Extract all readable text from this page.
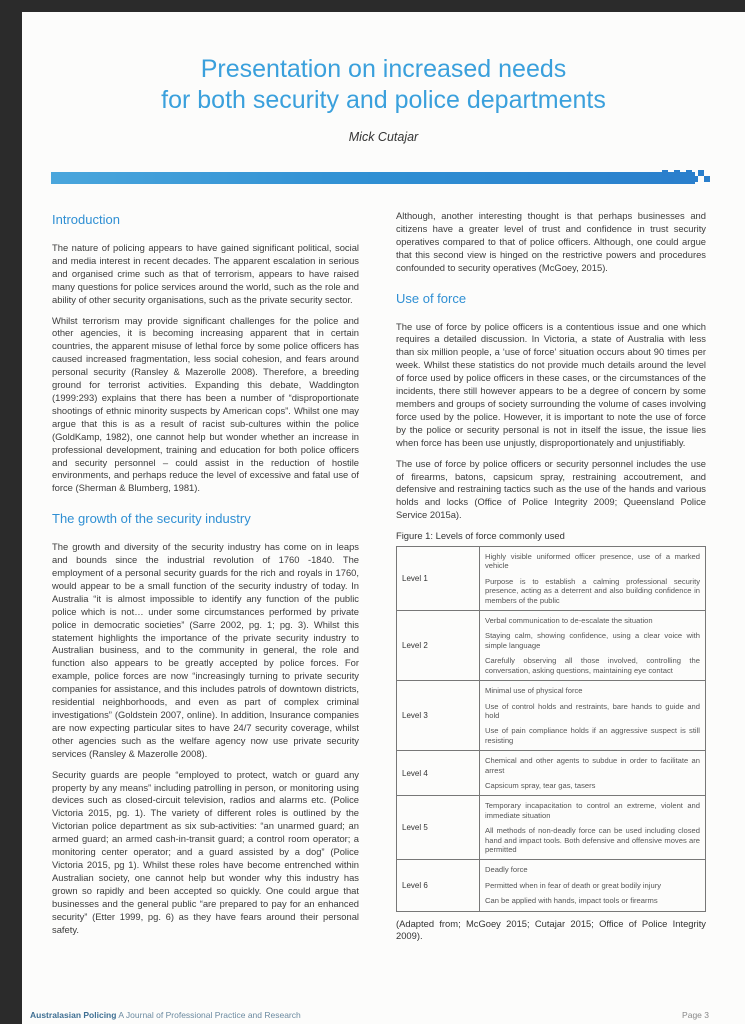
Presentation on increased needs
for both security and police departments
Mick Cutajar
Introduction

The nature of policing appears to have gained significant political, social and media interest in recent decades. The apparent escalation in serious and organised crime such as that of terrorism, appears to have raised many questions for police services around the world, such as the role and ability of other security organisations, such as the private security sector.

Whilst terrorism may provide significant challenges for the police and other agencies, it is becoming increasing apparent that in certain countries, the apparent misuse of lethal force by some police officers has caused increased fragmentation, less social cohesion, and fears around personal security (Ransley & Mazerolle 2008). Therefore, a breeding ground for terrorist activities. Expanding this debate, Waddington (1999:293) explains that there has been a number of “disproportionate shootings of ethnic minority suspects by American cops”. Whilst one may argue that this is as a result of racist sub-cultures within the police (GoldKamp, 1982), one cannot help but wonder whether an increase in professional development, training and education for both police officers and security personnel – could assist in the reduction of hostile environments, and perhaps reduce the level of excessive and fatal use of force (Sherman & Blumberg, 1981).

The growth of the security industry

The growth and diversity of the security industry has come on in leaps and bounds since the industrial revolution of 1760 -1840. The employment of a personal security guards for the rich and royals in 1760, would appear to be a small function of the security industry of today. In Australia “it is almost impossible to identify any function of the public police which is not… under some circumstances performed by private police in democratic societies” (Sarre 2002, pg. 1; pg. 3). Whilst this statement highlights the importance of the private security industry to Australian business, and to the community in general, the role and function also appears to be greatly accepted by police forces. For example, police forces are now “increasingly turning to private security companies for assistance, and this includes patrols of downtown districts, residential neighborhoods, and even as part of complex criminal investigations” (Goldstein 2007, online). In addition, Insurance companies are now expecting particular sites to have 24/7 security coverage, whilst other agencies such as the welfare agency now use private security services (Ransley & Mazerolle 2008).

Security guards are people “employed to protect, watch or guard any property by any means” including patrolling in person, or monitoring using devices such as closed-circuit television, radios and alarms etc. (Police Victoria 2015, pg. 1). The variety of different roles is outlined by the Victorian police department as six sub-activities: “an unarmed guard; an armed guard; an armed cash-in-transit guard; a control room operator; a monitoring center operator; and a guard assisted by a dog” (Police Victoria 2015, pg 1). Whilst these roles have become entrenched within Australian society, one cannot help but wonder why this industry has grown so rapidly and been accepted so quickly. One could argue that businesses and the general public “are prepared to pay for an enhanced security” (Etter 1999, pg. 6) as they have fears around their personal safety.

Although, another interesting thought is that perhaps businesses and citizens have a greater level of trust and confidence in trust security operatives compared to that of police officers. Although, one could argue that this second view is hinged on the restrictive powers and procedures confounded to security operatives (McGoey, 2015).

Use of force

The use of force by police officers is a contentious issue and one which requires a detailed discussion. In Victoria, a state of Australia with less than six million people, a ‘use of force’ situation occurs about 90 times per week. Whilst these statistics do not provide much details around the level of force used by police officers in these cases, or the circumstances of the incidents, there still however appears to be a degree of concern by some members and groups of society surrounding the volume of cases involving force used by the police. However, it is important to note the use of force by the police or security personal is not in itself the issue, the issue lies when force has been use unjustly, disproportionately and unjustifiably.

The use of force by police officers or security personnel includes the use of firearms, batons, capsicum spray, restraining accoutrement, and defensive and restraining tactics such as the use of the hands and various holds and locks (Office of Police Integrity 2009; Queensland Police Service 2015a).

Figure 1: Levels of force commonly used
Level 1	Highly visible uniformed officer presence, use of a marked vehicle
Purpose is to establish a calming professional security presence, acting as a deterrent and also building confidence in members of the public

Level 2	Verbal communication to de-escalate the situation
Staying calm, showing confidence, using a clear voice with simple language
Carefully observing all those involved, controlling the conversation, asking questions, maintaining eye contact

Level 3	Minimal use of physical force
Use of control holds and restraints, bare hands to guide and hold
Use of pain compliance holds if an aggressive suspect is still resisting

Level 4	Chemical and other agents to subdue in order to facilitate an arrest
Capsicum spray, tear gas, tasers

Level 5	Temporary incapacitation to control an extreme, violent and immediate situation
All methods of non-deadly force can be used including closed hand and impact tools. Both defensive and offensive moves are permitted

Level 6	Deadly force
Permitted when in fear of death or great bodily injury
Can be applied with hands, impact tools or firearms
(Adapted from; McGoey 2015; Cutajar 2015; Office of Police Integrity 2009).
Australasian Policing A Journal of Professional Practice and Research	Page 3
